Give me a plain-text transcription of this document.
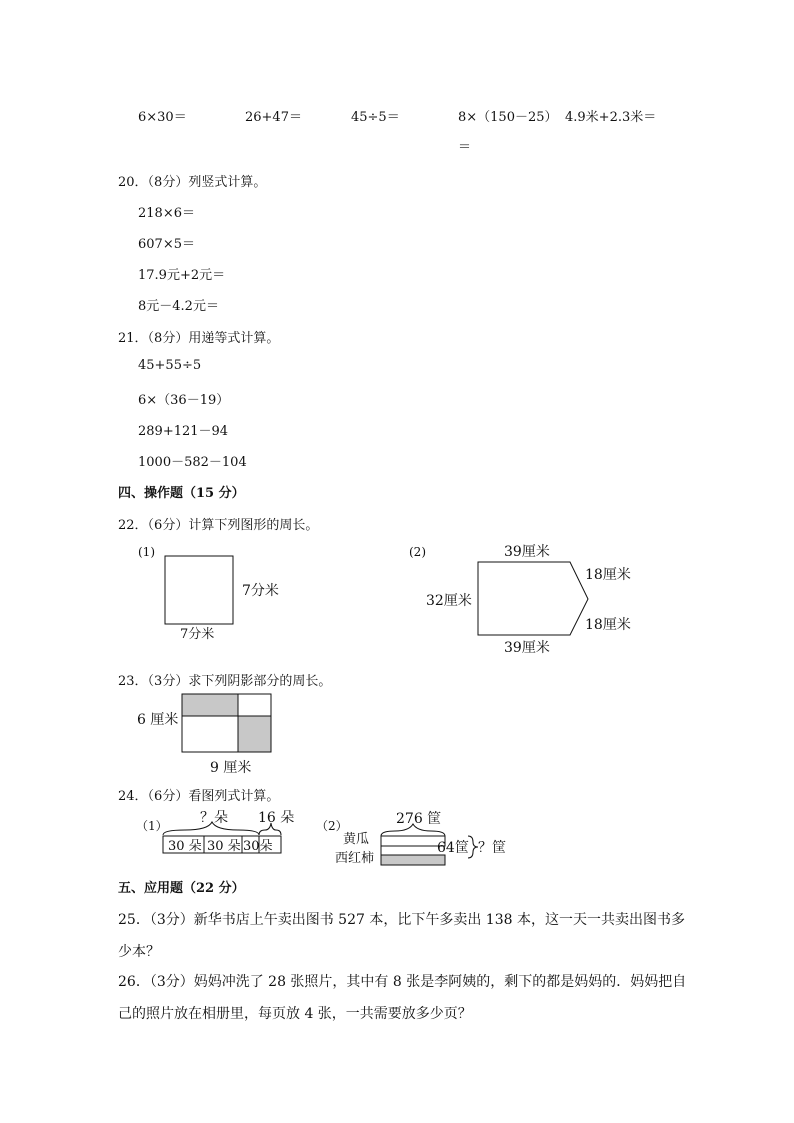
6×30＝	26+47＝	45÷5＝	8×（150－25） 4.9米+2.3米＝
＝
20．（8分）列竖式计算。
218×6＝
607×5＝
17.9元+2元＝
8元－4.2元＝
21．（8分）用递等式计算。
45+55÷5
6×（36－19）
289+121－94
1000－582－104
四、操作题（15 分）
22．（6分）计算下列图形的周长。
(1)
7分米
7分米
(2)	39厘米
32厘米
18厘米
18厘米
39厘米
6 厘米
9 厘米
（1） ？朵 16 朵
30 朵 30 朵 30朵
（2）	276 筐
黄瓜
西红柿
64筐 ？筐
23．（3分）求下列阴影部分的周长。
24．（6分）看图列式计算。
五、应用题（22 分）
25．（3分）新华书店上午卖出图书 527 本，比下午多卖出 138 本，这一天一共卖出图书多
少本？
26．（3分）妈妈冲洗了 28 张照片，其中有 8 张是李阿姨的，剩下的都是妈妈的．妈妈把自
己的照片放在相册里，每页放 4 张，一共需要放多少页？
